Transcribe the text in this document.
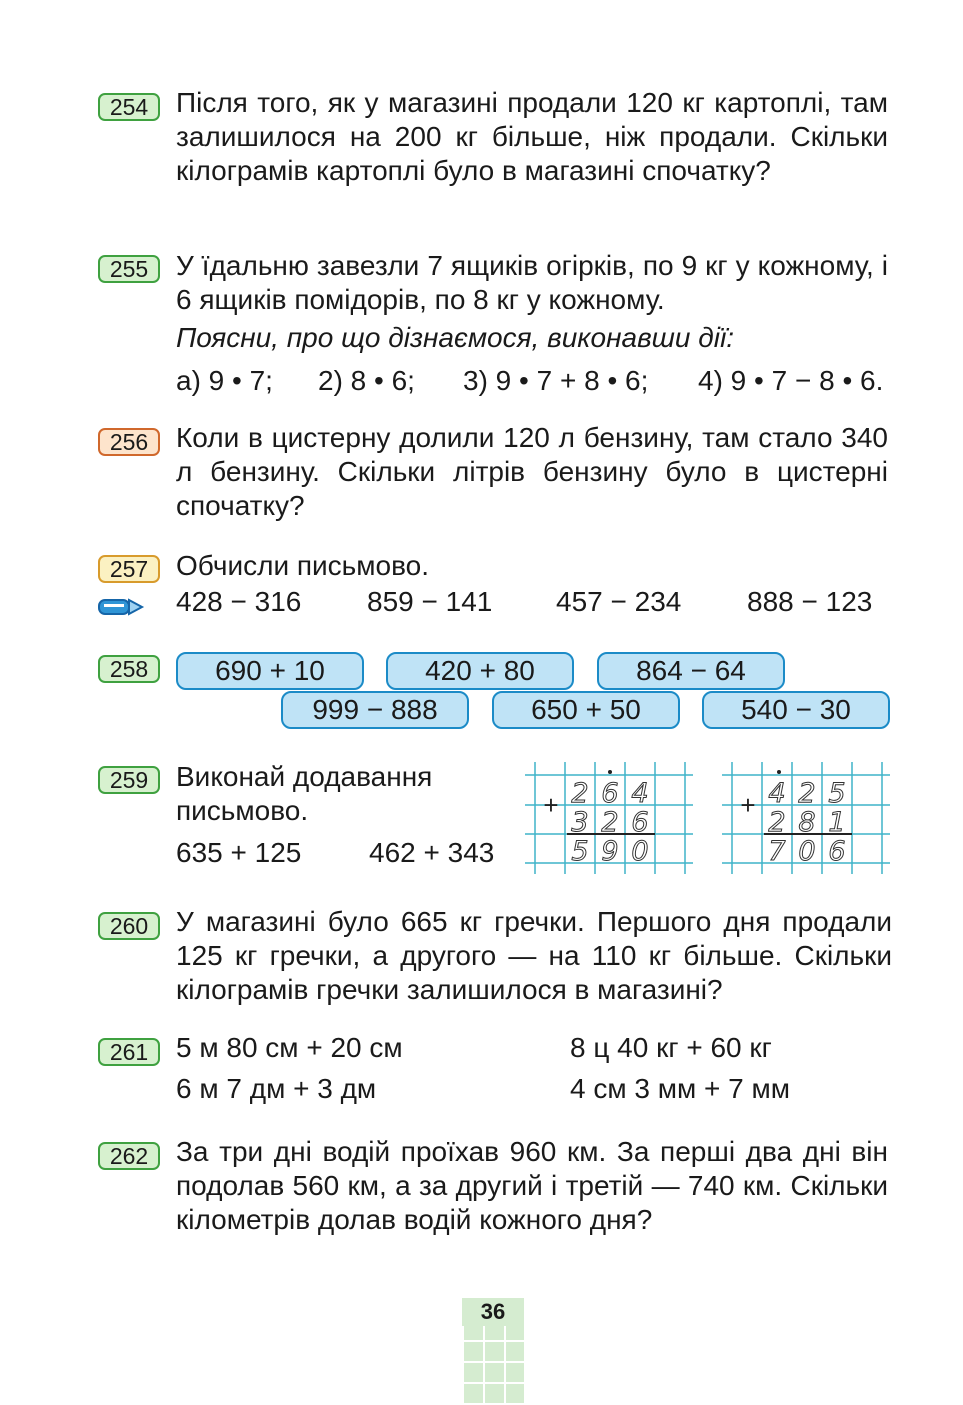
254 Після того, як у магазині продали 120 кг картоплі, там залишилося на 200 кг більше, ніж продали. Скільки кілограмів картоплі було в магазині спочатку?
255 У їдальню завезли 7 ящиків огірків, по 9 кг у кожному, і 6 ящиків помідорів, по 8 кг у кожному.
Поясни, про що дізнаємося, виконавши дії:
а) 9 • 7; 2) 8 • 6; 3) 9 • 7 + 8 • 6; 4) 9 • 7 − 8 • 6.
256 Коли в цистерну долили 120 л бензину, там стало 340 л бензину. Скільки літрів бензину було в цистерні спочатку?
257 Обчисли письмово.
428 − 316 859 − 141 457 − 234 888 − 123
258	690 + 10	420 + 80	864 − 64
999 − 888	650 + 50	540 − 30
259 Виконай додавання
письмово.
635 + 125 462 + 343
2 6 4
3 2 6
5 9 0
+	4 2 5
2 8 1
7 0 6
+
260 У магазині було 665 кг гречки. Першого дня продали 125 кг гречки, а другого — на 110 кг більше. Скільки кілограмів гречки залишилося в магазині?
261 5 м 80 см + 20 см	8 ц 40 кг + 60 кг
6 м 7 дм + 3 дм	4 см 3 мм + 7 мм
262 За три дні водій проїхав 960 км. За перші два дні він подолав 560 км, а за другий і третій — 740 км. Скільки кілометрів долав водій кожного дня?
36
